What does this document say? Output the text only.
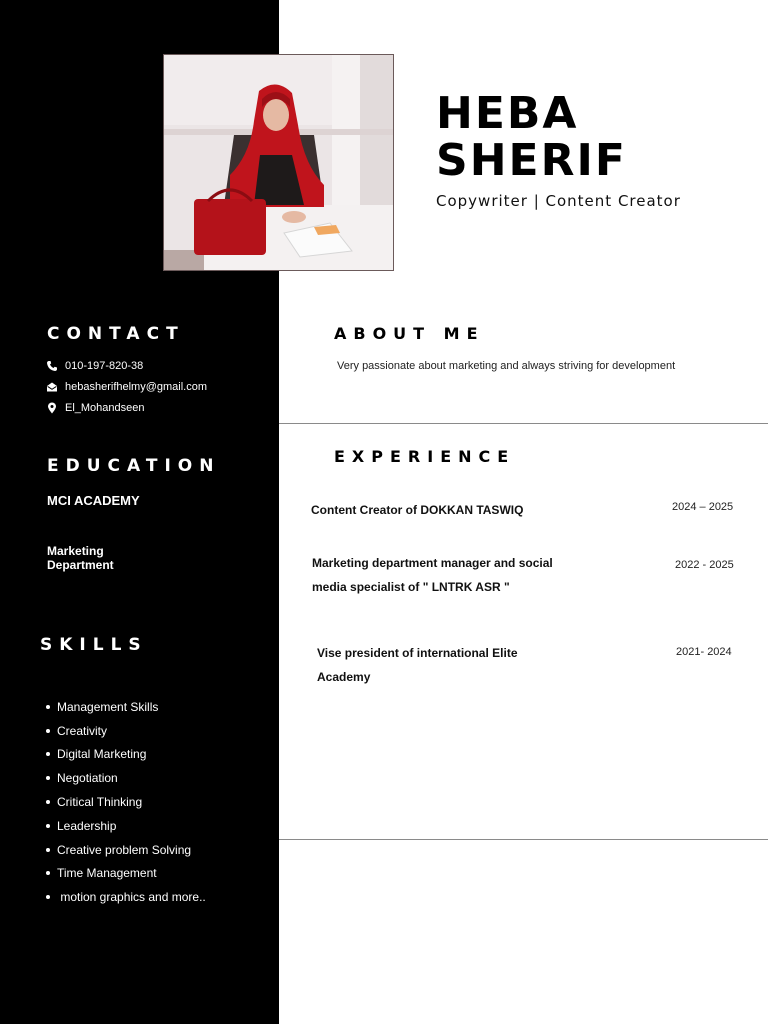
HEBA
SHERIF
Copywriter | Content Creator
CONTACT
010-197-820-38
hebasherifhelmy@gmail.com
El_Mohandseen
EDUCATION
MCI ACADEMY
Marketing Department
SKILLS
Management Skills
Creativity
Digital Marketing
Negotiation
Critical Thinking
Leadership
Creative problem Solving
Time Management
motion graphics and more..
ABOUT ME
Very passionate about marketing and always striving for development
EXPERIENCE
Content Creator of DOKKAN TASWIQ	2024 – 2025
Marketing department manager and social media specialist of " LNTRK ASR "
2022 - 2025
Vise president of international Elite Academy
2021- 2024
